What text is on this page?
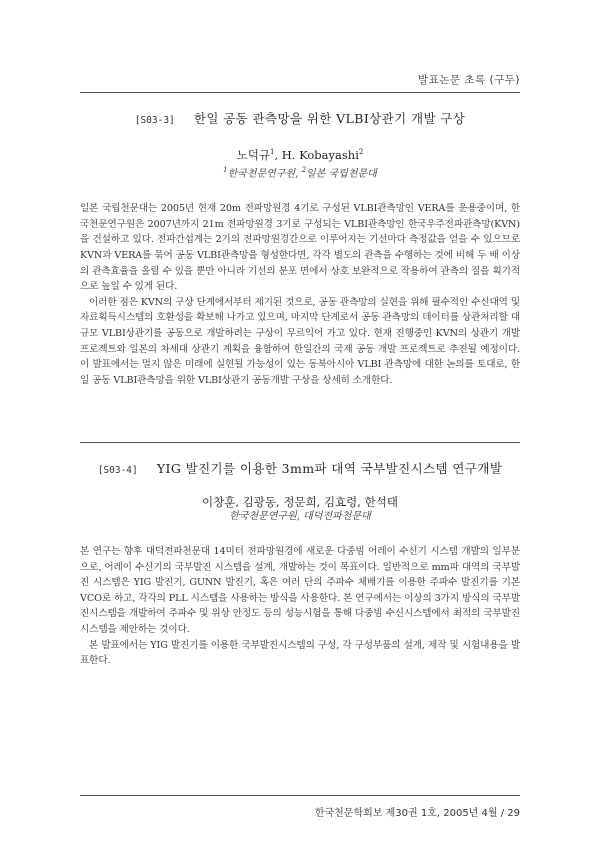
발표논문 초록 (구두)
[S03-3] 한일 공동 관측망을 위한 VLBI상관기 개발 구상
노덕규$^1$, H. Kobayashi$^2$
$^1$한국천문연구원, $^2$일본 국립천문대

일본 국립천문대는 2005년 현재 20m 전파망원경 4기로 구성된 VLBI관측망인 VERA를 운용중이며, 한국천문연구원은 2007년까지 21m 전파망원경 3기로 구성되는 VLBI관측망인 한국우주전파관측망(KVN)을 건설하고 있다. 전파간섭계는 2기의 전파망원경간으로 이루어지는 기선마다 측정값을 얻을 수 있으므로 KVN과 VERA를 묶어 공동 VLBI관측망을 형성한다면, 각각 별도의 관측을 수행하는 것에 비해 두 배 이상의 관측효율을 올릴 수 있을 뿐만 아니라 기선의 분포 면에서 상호 보완적으로 작용하여 관측의 질을 획기적으로 높일 수 있게 된다.

이러한 점은 KVN의 구상 단계에서부터 제기된 것으로, 공동 관측망의 실현을 위해 필수적인 수신대역 및 자료획득시스템의 호환성을 확보해 나가고 있으며, 마지막 단계로서 공동 관측망의 데이터를 상관처리할 대규모 VLBI상관기를 공동으로 개발하려는 구상이 무르익어 가고 있다. 현재 진행중인 KVN의 상관기 개발 프로젝트와 일본의 차세대 상관기 계획을 융합하여 한일간의 국제 공동 개발 프로젝트로 추진될 예정이다. 이 발표에서는 멀지 않은 미래에 실현될 가능성이 있는 동북아시아 VLBI 관측망에 대한 논의를 토대로, 한일 공동 VLBI관측망을 위한 VLBI상관기 공동개발 구상을 상세히 소개한다.

[S03-4] YIG 발진기를 이용한 3mm파 대역 국부발진시스템 연구개발
이창훈, 김광동, 정문희, 김효령, 한석태
한국천문연구원, 대덕전파천문대

본 연구는 향후 대덕전파천문대 14미터 전파망원경에 새로운 다중빔 어레이 수신기 시스템 개발의 일부분으로, 어레이 수신기의 국부발진 시스템을 설계, 개발하는 것이 목표이다. 일반적으로 mm파 대역의 국부발진 시스템은 YIG 발진기, GUNN 발진기, 혹은 여러 단의 주파수 체배기를 이용한 주파수 발진기를 기본 VCO로 하고, 각각의 PLL 시스템을 사용하는 방식을 사용한다. 본 연구에서는 이상의 3가지 방식의 국부발진시스템을 개발하여 주파수 및 위상 안정도 등의 성능시험을 통해 다중빔 수신시스템에서 최적의 국부발진시스템을 제안하는 것이다.

본 발표에서는 YIG 발진기를 이용한 국부발진시스템의 구성, 각 구성부품의 설계, 제작 및 시험내용을 발표한다.

한국천문학회보 제30권 1호, 2005년 4월 / 29
